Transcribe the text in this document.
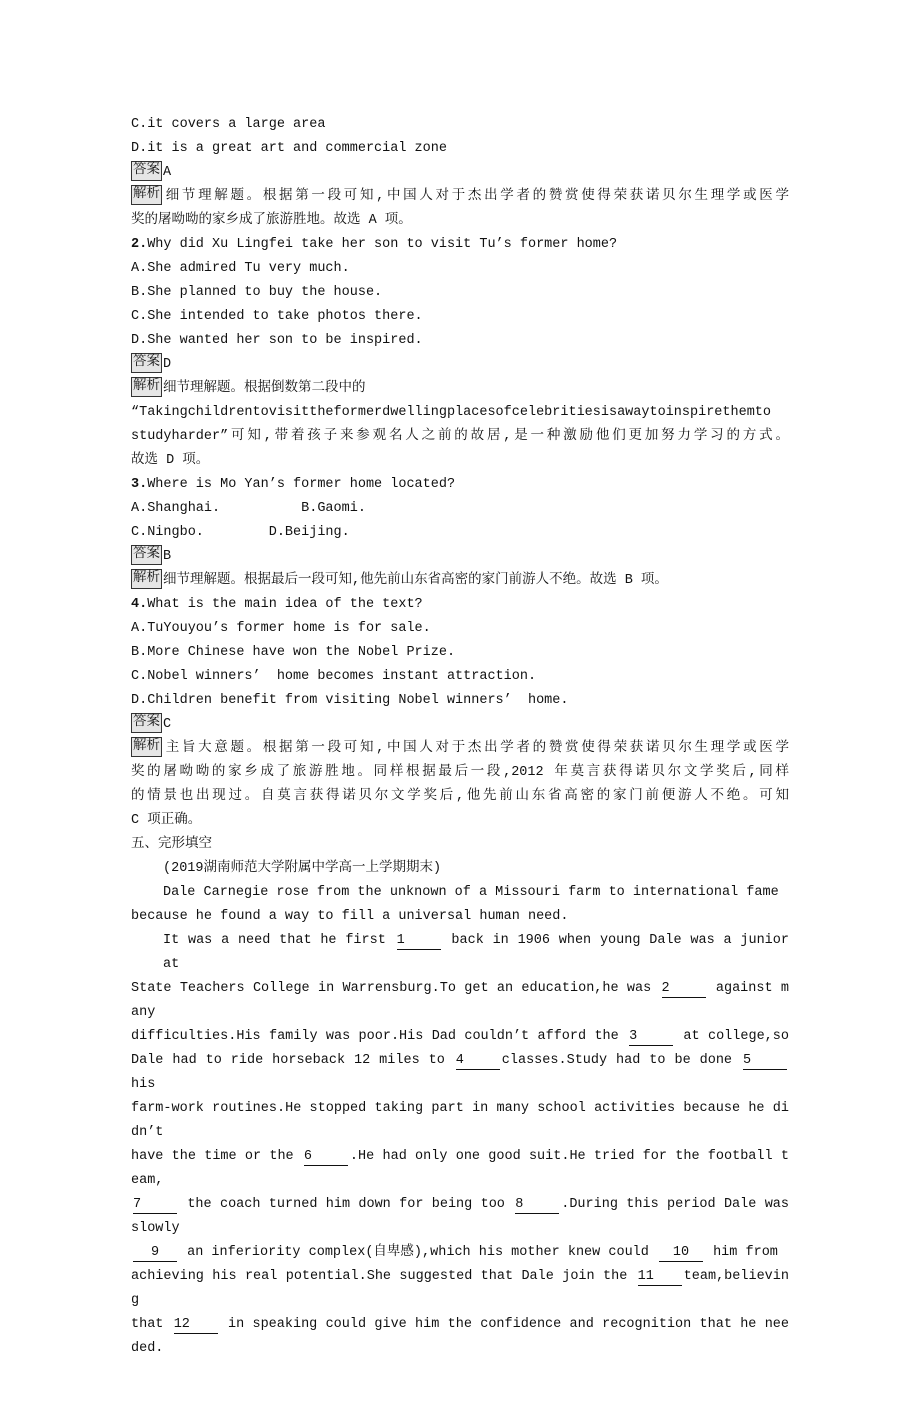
C.it covers a large area
D.it is a great art and commercial zone
答案 A
解析 细节理解题。根据第一段可知,中国人对于杰出学者的赞赏使得荣获诺贝尔生理学或医学
奖的屠呦呦的家乡成了旅游胜地。故选 A 项。
2.Why did Xu Lingfei take her son to visit Tu’s former home?
A.She admired Tu very much.
B.She planned to buy the house.
C.She intended to take photos there.
D.She wanted her son to be inspired.
答案 D
解析 细节理解题。根据倒数第二段中的
“Takingchildrentovisittheformerdwellingplacesofcelebritiesisawaytoinspirethemto
studyharder”可知,带着孩子来参观名人之前的故居,是一种激励他们更加努力学习的方式。
故选 D 项。
3.Where is Mo Yan’s former home located?
A.Shanghai.          B.Gaomi.
C.Ningbo.        D.Beijing.
答案 B
解析 细节理解题。根据最后一段可知,他先前山东省高密的家门前游人不绝。故选 B 项。
4.What is the main idea of the text?
A.TuYouyou’s former home is for sale.
B.More Chinese have won the Nobel Prize.
C.Nobel winners’  home becomes instant attraction.
D.Children benefit from visiting Nobel winners’  home.
答案 C
解析 主旨大意题。根据第一段可知,中国人对于杰出学者的赞赏使得荣获诺贝尔生理学或医学
奖的屠呦呦的家乡成了旅游胜地。同样根据最后一段,2012 年莫言获得诺贝尔文学奖后,同样
的情景也出现过。自莫言获得诺贝尔文学奖后,他先前山东省高密的家门前便游人不绝。可知
C 项正确。
五、完形填空
(2019湖南师范大学附属中学高一上学期期末)
Dale Carnegie rose from the unknown of a Missouri farm to international fame
because he found a way to fill a universal human need.
It was a need that he first 1	back in 1906 when young Dale was a junior at
State Teachers College in Warrensburg.To get an education,he was 2	against many
difficulties.His family was poor.His Dad couldn’t afford the 3	at college,so
Dale had to ride horseback 12 miles to 4	classes.Study had to be done 5 his
farm-work routines.He stopped taking part in many school activities because he didn’t
have the time or the 6	.He had only one good suit.He tried for the football team,
7	the coach turned him down for being too 8	.During this period Dale was slowly
9 an inferiority complex(自卑感),which his mother knew could 10 him from
achieving his real potential.She suggested that Dale join the 11 team,believing
that 12 in speaking could give him the confidence and recognition that he needed.
